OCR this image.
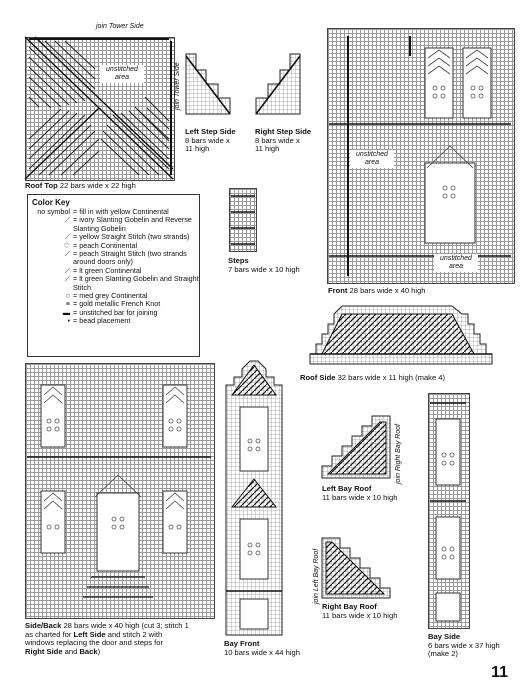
join Tower Side
unstitched area	join Tower Side
Roof Top 22 bars wide x 22 high
Left Step Side
8 bars wide x
11 high
Right Step Side
8 bars wide x
11 high
unstitched area
unstitched area
Front 28 bars wide x 40 high
Color Key
no symbol = fill in with yellow Continental
⟋ = ivory Slanting Gobelin and Reverse Slanting Gobelin
⟋ = yellow Straight Stitch (two strands)
♡ = peach Continental
⟋ = peach Straight Stitch (two strands around doors only)
⟋ = lt green Continental
⟋ = lt green Slanting Gobelin and Straight Stitch
○ = med grey Continental
≡ = gold metallic French Knot
▬ = unstitched bar for joining
• = bead placement
Steps
7 bars wide x 10 high
Roof Side 32 bars wide x 11 high (make 4)
Side/Back 28 bars wide x 40 high (cut 3; stitch 1
as charted for Left Side and stitch 2 with
windows replacing the door and steps for
Right Side and Back)
Bay Front
10 bars wide x 44 high
join Right Bay Roof
Left Bay Roof
11 bars wide x 10 high
join Left Bay Roof
Right Bay Roof
11 bars wide x 10 high
Bay Side
6 bars wide x 37 high
(make 2)
11
